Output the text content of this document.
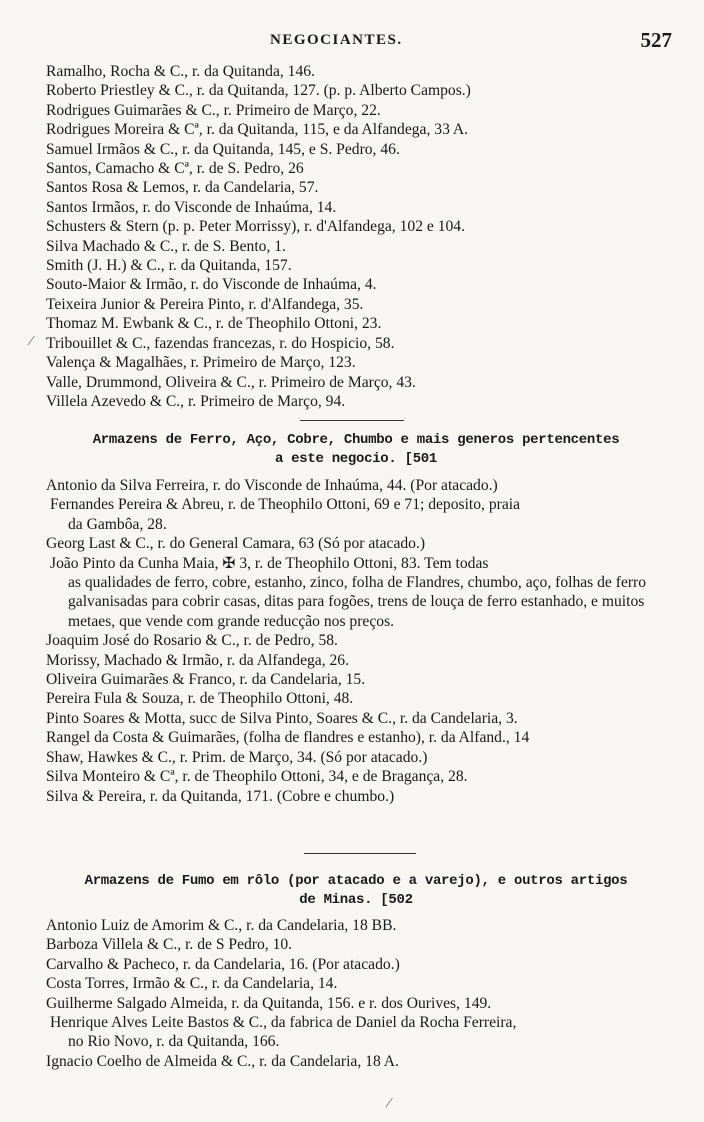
NEGOCIANTES.	527
Ramalho, Rocha & C., r. da Quitanda, 146.
Roberto Priestley & C., r. da Quitanda, 127. (p. p. Alberto Campos.)
Rodrigues Guimarães & C., r. Primeiro de Março, 22.
Rodrigues Moreira & Cª, r. da Quitanda, 115, e da Alfandega, 33 A.
Samuel Irmãos & C., r. da Quitanda, 145, e S. Pedro, 46.
Santos, Camacho & Cª, r. de S. Pedro, 26
Santos Rosa & Lemos, r. da Candelaria, 57.
Santos Irmãos, r. do Visconde de Inhaúma, 14.
Schusters & Stern (p. p. Peter Morrissy), r. d'Alfandega, 102 e 104.
Silva Machado & C., r. de S. Bento, 1.
Smith (J. H.) & C., r. da Quitanda, 157.
Souto-Maior & Irmão, r. do Visconde de Inhaúma, 4.
Teixeira Junior & Pereira Pinto, r. d'Alfandega, 35.
Thomaz M. Ewbank & C., r. de Theophilo Ottoni, 23.
Tribouillet & C., fazendas francezas, r. do Hospicio, 58.
Valença & Magalhães, r. Primeiro de Março, 123.
Valle, Drummond, Oliveira & C., r. Primeiro de Março, 43.
Villela Azevedo & C., r. Primeiro de Março, 94.
⁄
Armazens de Ferro, Aço, Cobre, Chumbo e mais generos pertencentes
a este negocio. [501
Antonio da Silva Ferreira, r. do Visconde de Inhaúma, 44. (Por atacado.)
Fernandes Pereira & Abreu, r. de Theophilo Ottoni, 69 e 71; deposito, praia
da Gambôa, 28.
Georg Last & C., r. do General Camara, 63 (Só por atacado.)
João Pinto da Cunha Maia, ✠ 3, r. de Theophilo Ottoni, 83. Tem todas
as qualidades de ferro, cobre, estanho, zinco, folha de Flandres, chumbo, aço, folhas de ferro galvanisadas para cobrir casas, ditas para fogões, trens de louça de ferro estanhado, e muitos metaes, que vende com grande reducção nos preços.
Joaquim José do Rosario & C., r. de Pedro, 58.
Morissy, Machado & Irmão, r. da Alfandega, 26.
Oliveira Guimarães & Franco, r. da Candelaria, 15.
Pereira Fula & Souza, r. de Theophilo Ottoni, 48.
Pinto Soares & Motta, succ de Silva Pinto, Soares & C., r. da Candelaria, 3.
Rangel da Costa & Guimarães, (folha de flandres e estanho), r. da Alfand., 14
Shaw, Hawkes & C., r. Prim. de Março, 34. (Só por atacado.)
Silva Monteiro & Cª, r. de Theophilo Ottoni, 34, e de Bragança, 28.
Silva & Pereira, r. da Quitanda, 171. (Cobre e chumbo.)
Armazens de Fumo em rôlo (por atacado e a varejo), e outros artigos
de Minas. [502
Antonio Luiz de Amorim & C., r. da Candelaria, 18 BB.
Barboza Villela & C., r. de S Pedro, 10.
Carvalho & Pacheco, r. da Candelaria, 16. (Por atacado.)
Costa Torres, Irmão & C., r. da Candelaria, 14.
Guilherme Salgado Almeida, r. da Quitanda, 156. e r. dos Ourives, 149.
Henrique Alves Leite Bastos & C., da fabrica de Daniel da Rocha Ferreira,
no Rio Novo, r. da Quitanda, 166.
Ignacio Coelho de Almeida & C., r. da Candelaria, 18 A.
⁄
